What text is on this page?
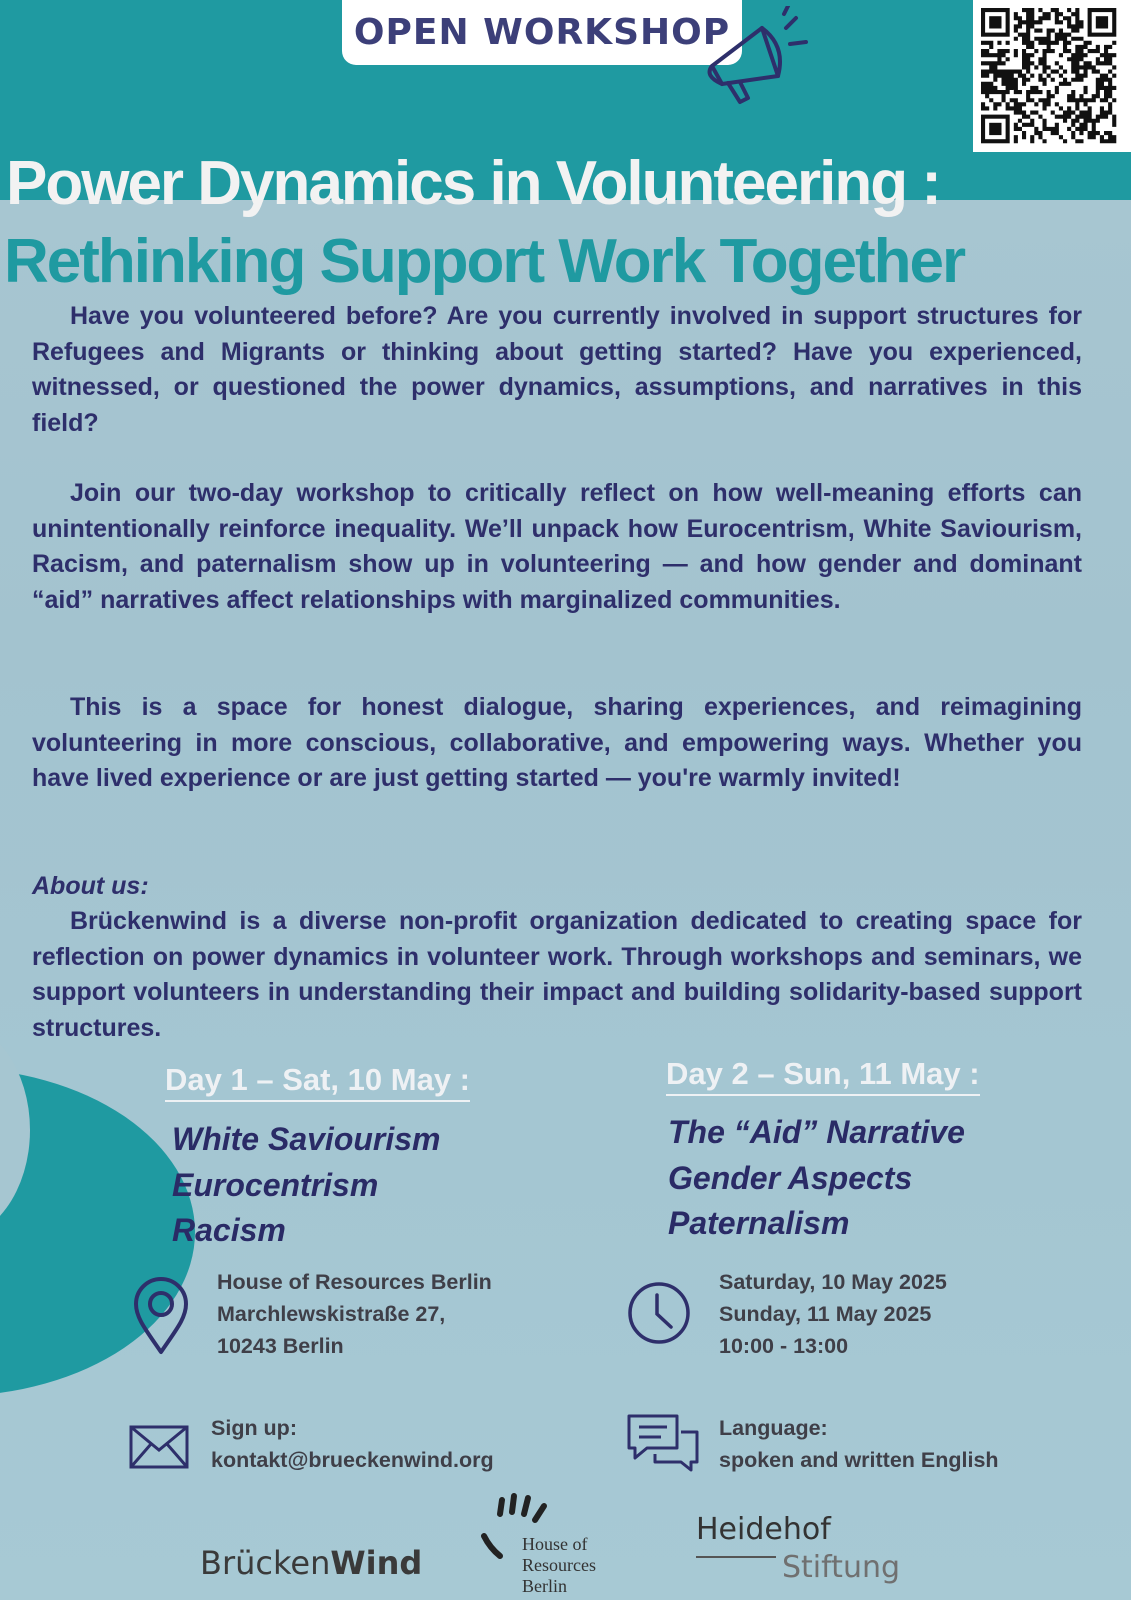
OPEN WORKSHOP
Power Dynamics in Volunteering :
Rethinking Support Work Together

Have you volunteered before? Are you currently involved in support structures for Refugees and Migrants or thinking about getting started? Have you experienced, witnessed, or questioned the power dynamics, assumptions, and narratives in this field?

Join our two-day workshop to critically reflect on how well-meaning efforts can unintentionally reinforce inequality. We’ll unpack how Eurocentrism, White Saviourism, Racism, and paternalism show up in volunteering — and how gender and dominant “aid” narratives affect relationships with marginalized communities.

This is a space for honest dialogue, sharing experiences, and reimagining volunteering in more conscious, collaborative, and empowering ways. Whether you have lived experience or are just getting started — you're warmly invited!

About us:

Brückenwind is a diverse non-profit organization dedicated to creating space for reflection on power dynamics in volunteer work. Through workshops and seminars, we support volunteers in understanding their impact and building solidarity-based support structures.

Day 1 – Sat, 10 May :
White Saviourism
Eurocentrism
Racism
Day 2 – Sun, 11 May :
The “Aid” Narrative
Gender Aspects
Paternalism
House of Resources Berlin
Marchlewskistraße 27,
10243 Berlin
Saturday, 10 May 2025
Sunday, 11 May 2025
10:00 - 13:00
Sign up:
kontakt@brueckenwind.org
Language:
spoken and written English
BrückenWind	House of
Resources
Berlin
Heidehof
Stiftung
